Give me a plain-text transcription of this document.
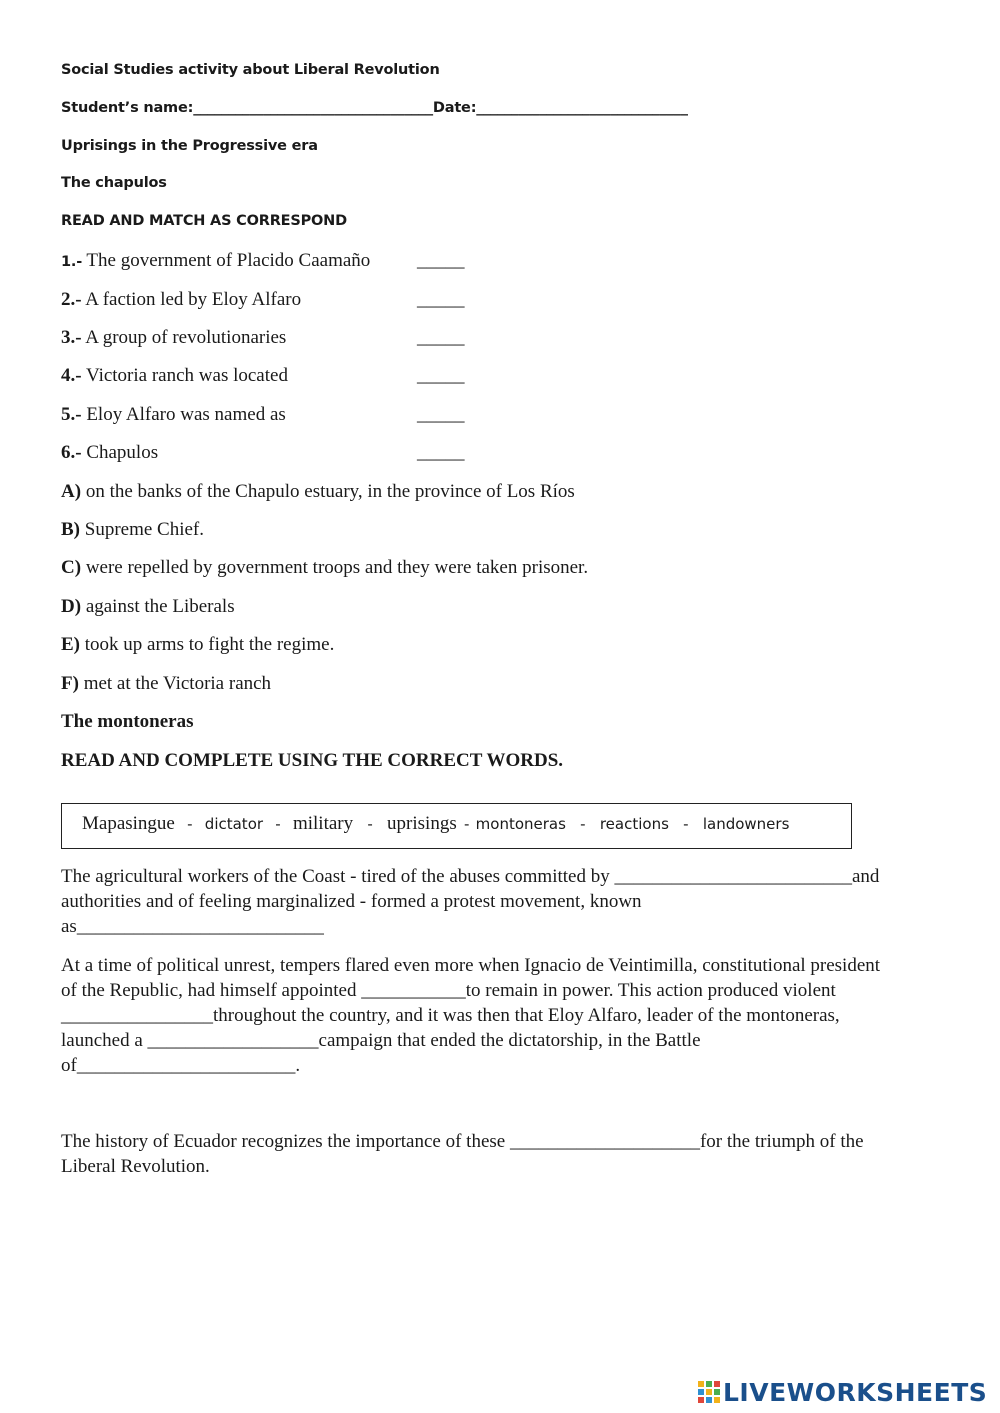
Social Studies activity about Liberal Revolution
Student’s name:__________________________________Date:______________________________
Uprisings in the Progressive era
The chapulos
READ AND MATCH AS CORRESPOND
1.- The government of Placido Caamaño _____
2.- A faction led by Eloy Alfaro	_____
3.- A group of revolutionaries	_____
4.- Victoria ranch was located	_____
5.- Eloy Alfaro was named as	_____
6.- Chapulos	_____
A) on the banks of the Chapulo estuary, in the province of Los Ríos
B) Supreme Chief.
C) were repelled by government troops and they were taken prisoner.
D) against the Liberals
E) took up arms to fight the regime.
F) met at the Victoria ranch
The montoneras
READ AND COMPLETE USING THE CORRECT WORDS.
Mapasingue - dictator - military - uprisings - montoneras - reactions - landowners
The agricultural workers of the Coast - tired of the abuses committed by _________________________and
authorities and of feeling marginalized - formed a protest movement, known
as__________________________
At a time of political unrest, tempers flared even more when Ignacio de Veintimilla, constitutional president
of the Republic, had himself appointed ___________to remain in power. This action produced violent
________________throughout the country, and it was then that Eloy Alfaro, leader of the montoneras,
launched a __________________campaign that ended the dictatorship, in the Battle
of_______________________.
The history of Ecuador recognizes the importance of these ____________________for the triumph of the
Liberal Revolution.
LIVEWORKSHEETS
